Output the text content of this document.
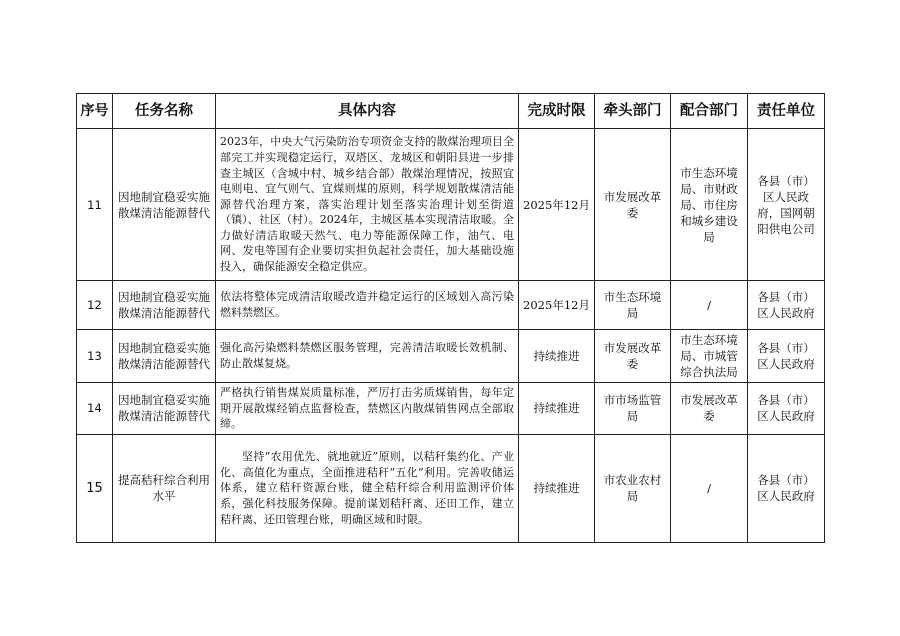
序号	任务名称	具体内容	完成时限	牵头部门	配合部门	责任单位
11	因地制宜稳妥实施散煤清洁能源替代	2023年，中央大气污染防治专项资金支持的散煤治理项目全部完工并实现稳定运行，双塔区、龙城区和朝阳县进一步排查主城区（含城中村、城乡结合部）散煤治理情况，按照宜电则电、宜气则气、宜煤则煤的原则，科学规划散煤清洁能源替代治理方案，落实治理计划至落实治理计划至街道（镇）、社区（村）。2024年，主城区基本实现清洁取暖。全力做好清洁取暖天然气、电力等能源保障工作，油气、电网、发电等国有企业要切实担负起社会责任，加大基础设施投入，确保能源安全稳定供应。	2025年12月	市发展改革委	市生态环境局、市财政局、市住房和城乡建设局	各县（市）区人民政府，国网朝阳供电公司
12	因地制宜稳妥实施散煤清洁能源替代	依法将整体完成清洁取暖改造并稳定运行的区域划入高污染燃料禁燃区。	2025年12月	市生态环境局	/	各县（市）区人民政府
13	因地制宜稳妥实施散煤清洁能源替代	强化高污染燃料禁燃区服务管理，完善清洁取暖长效机制、防止散煤复烧。	持续推进	市发展改革委	市生态环境局、市城管综合执法局	各县（市）区人民政府
14	因地制宜稳妥实施散煤清洁能源替代	严格执行销售煤炭质量标准，严厉打击劣质煤销售，每年定期开展散煤经销点监督检查，禁燃区内散煤销售网点全部取缔。	持续推进	市市场监管局	市发展改革委	各县（市）区人民政府
15	提高秸秆综合利用水平	坚持“农用优先、就地就近”原则，以秸秆集约化、产业化、高值化为重点，全面推进秸秆“五化”利用。完善收储运体系，建立秸秆资源台账，健全秸秆综合利用监测评价体系，强化科技服务保障。提前谋划秸秆离、还田工作，建立秸秆离、还田管理台账，明确区域和时限。	持续推进	市农业农村局	/	各县（市）区人民政府
